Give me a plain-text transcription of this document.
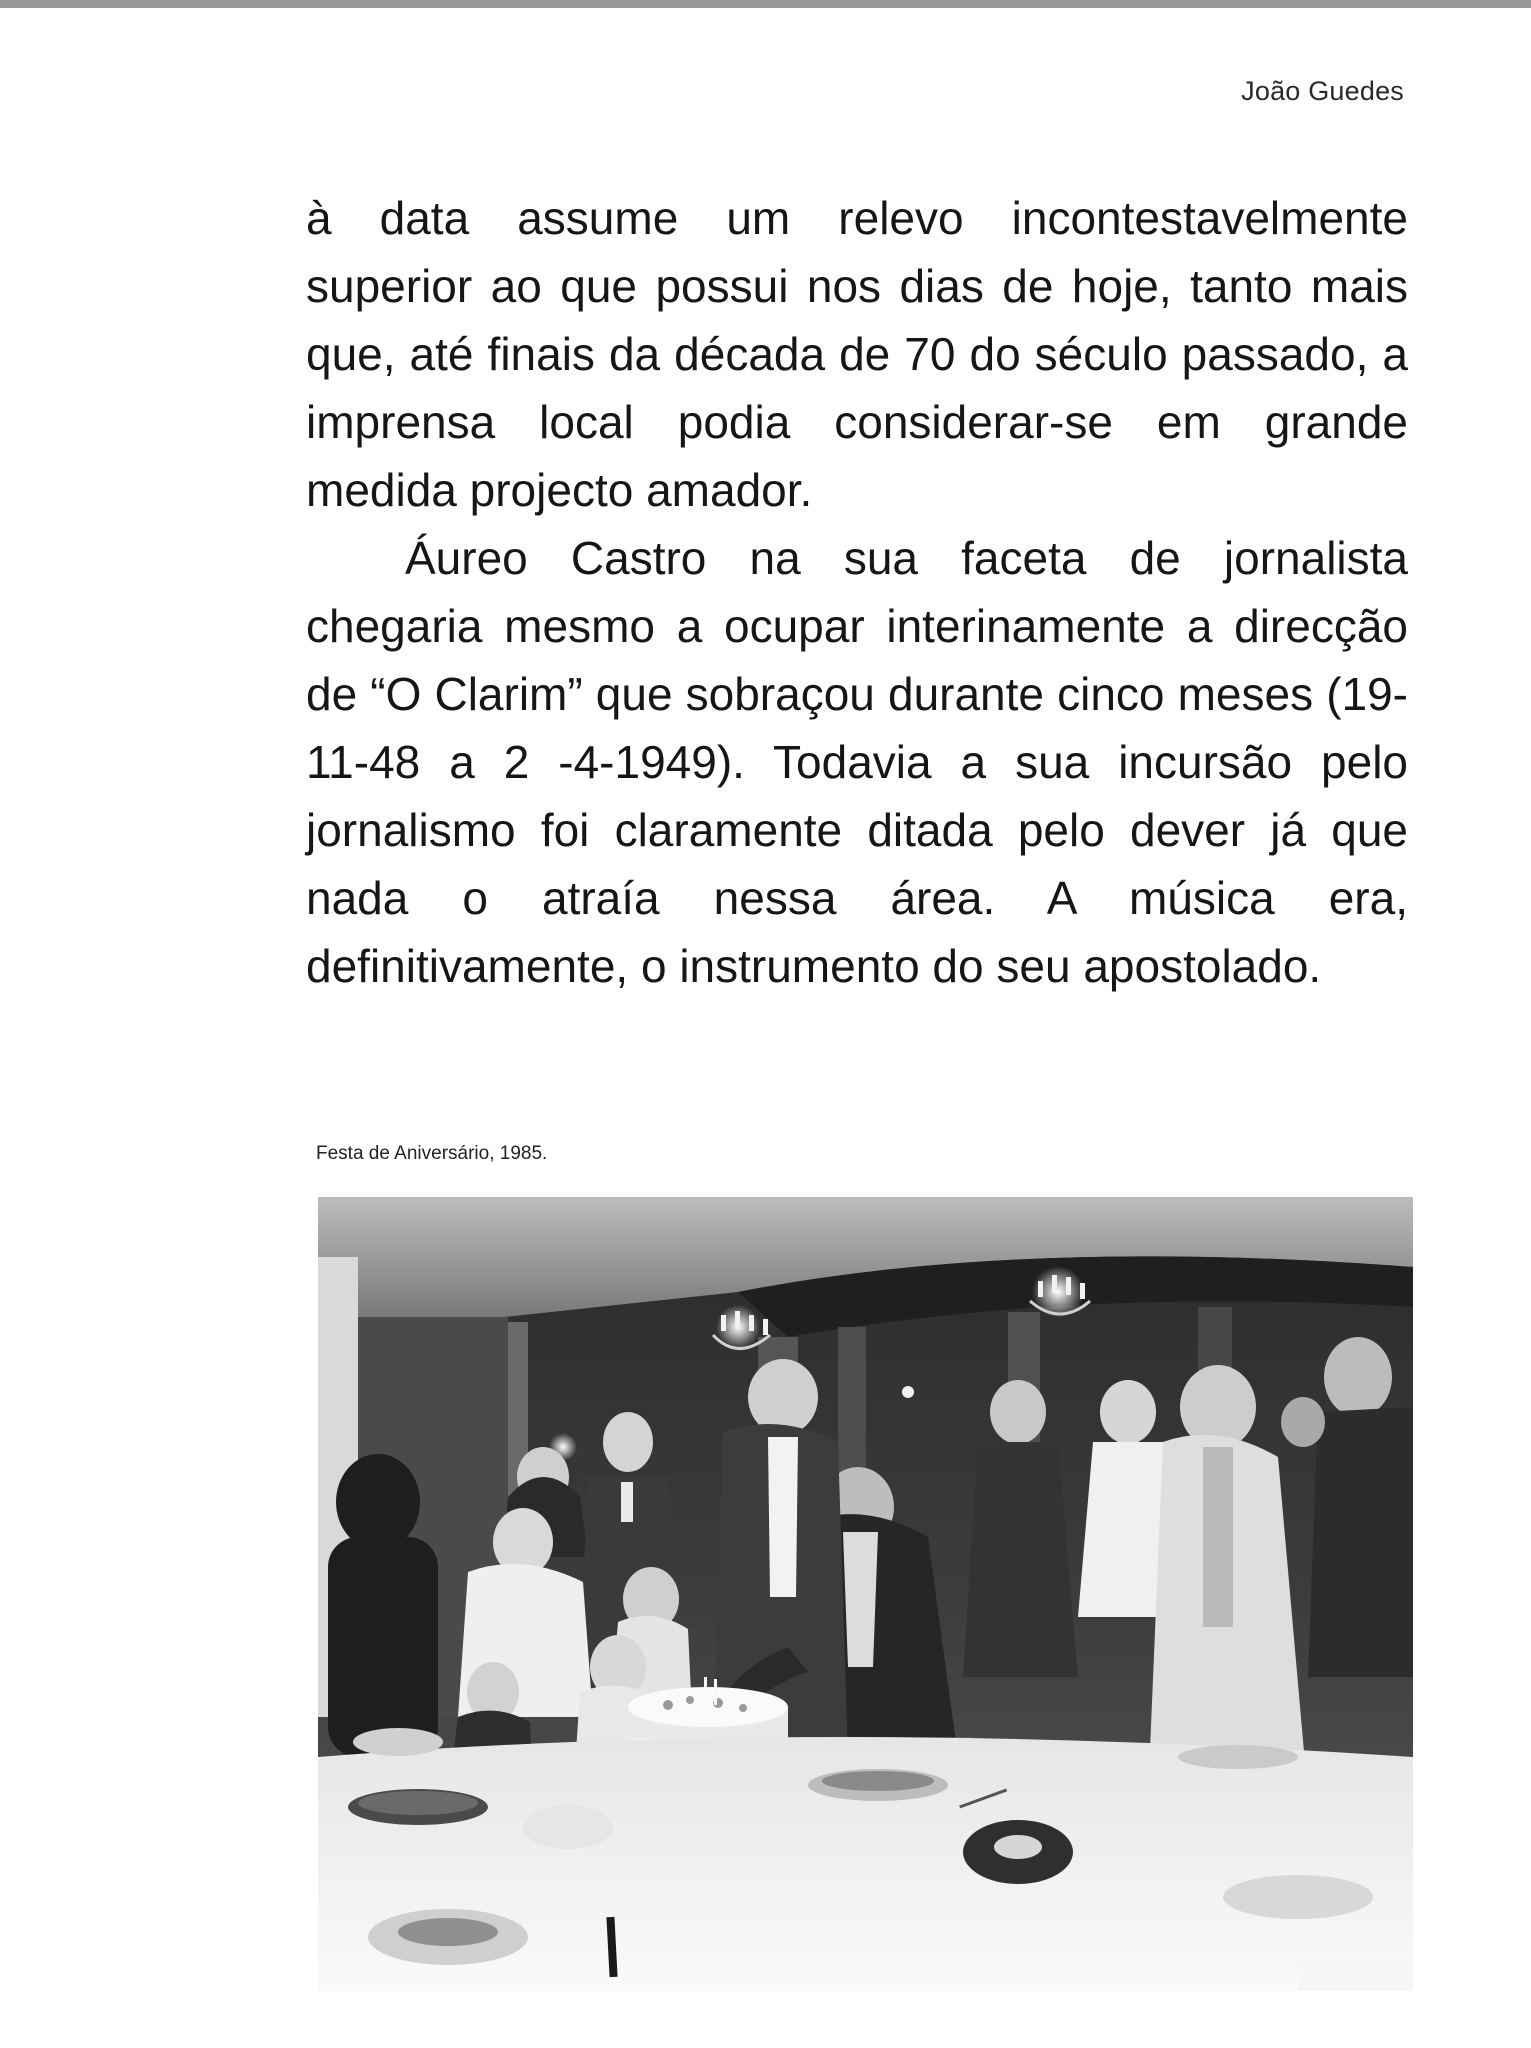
João Guedes

à data assume um relevo incontestavelmente superior ao que possui nos dias de hoje, tanto mais que, até finais da década de 70 do século passado, a imprensa local podia considerar-se em grande medida projecto amador.

Áureo Castro na sua faceta de jornalista chegaria mesmo a ocupar interinamente a direcção de “O Clarim” que sobraçou durante cinco meses (19-11-48 a 2 -4-1949). Todavia a sua incursão pelo jornalismo foi claramente ditada pelo dever já que nada o atraía nessa área. A música era, definitivamente, o instrumento do seu apostolado.

Festa de Aniversário, 1985.
